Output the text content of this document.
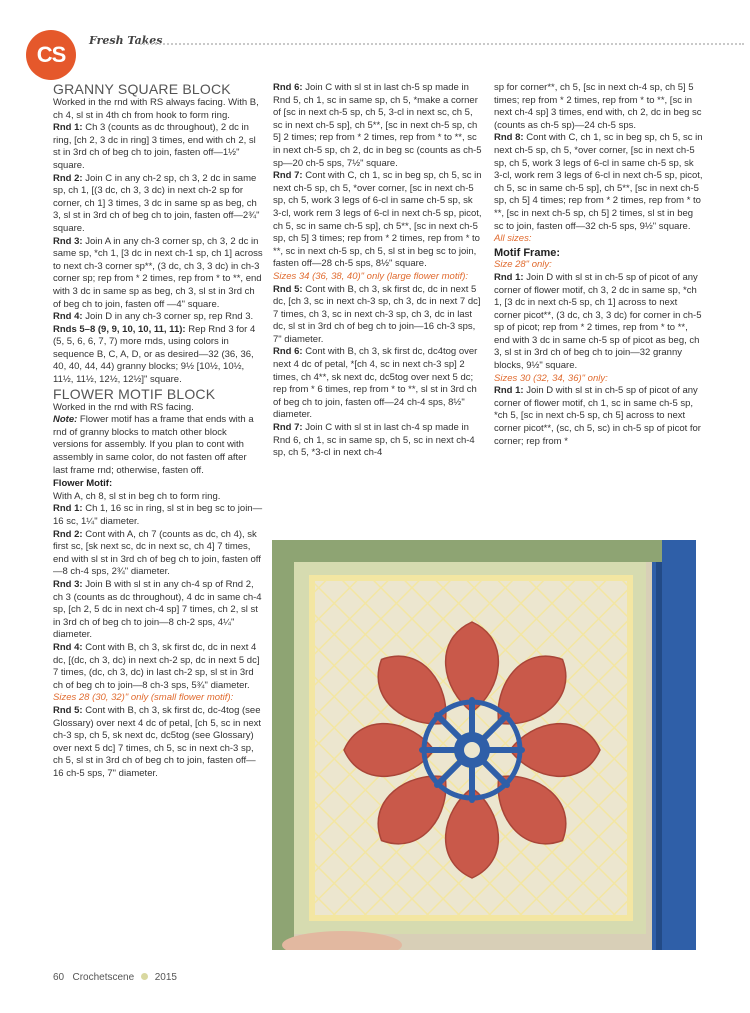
CS
Fresh Takes
GRANNY SQUARE BLOCK

Worked in the rnd with RS always facing. With B, ch 4, sl st in 4th ch from hook to form ring.

Rnd 1: Ch 3 (counts as dc throughout), 2 dc in ring, [ch 2, 3 dc in ring] 3 times, end with ch 2, sl st in 3rd ch of beg ch to join, fasten off—1½" square.

Rnd 2: Join C in any ch-2 sp, ch 3, 2 dc in same sp, ch 1, [(3 dc, ch 3, 3 dc) in next ch-2 sp for corner, ch 1] 3 times, 3 dc in same sp as beg, ch 3, sl st in 3rd ch of beg ch to join, fasten off—2¾" square.

Rnd 3: Join A in any ch-3 corner sp, ch 3, 2 dc in same sp, *ch 1, [3 dc in next ch-1 sp, ch 1] across to next ch-3 corner sp**, (3 dc, ch 3, 3 dc) in ch-3 corner sp; rep from * 2 times, rep from * to **, end with 3 dc in same sp as beg, ch 3, sl st in 3rd ch of beg ch to join, fasten off —4" square.

Rnd 4: Join D in any ch-3 corner sp, rep Rnd 3.

Rnds 5–8 (9, 9, 10, 10, 11, 11): Rep Rnd 3 for 4 (5, 5, 6, 6, 7, 7) more rnds, using colors in sequence B, C, A, D, or as desired—32 (36, 36, 40, 40, 44, 44) granny blocks; 9½ [10½, 10½, 11½, 11½, 12½, 12½]" square.

FLOWER MOTIF BLOCK

Worked in the rnd with RS facing.

Note: Flower motif has a frame that ends with a rnd of granny blocks to match other block versions for assembly. If you plan to cont with assembly in same color, do not fasten off after last frame rnd; otherwise, fasten off.

Flower Motif:

With A, ch 8, sl st in beg ch to form ring.

Rnd 1: Ch 1, 16 sc in ring, sl st in beg sc to join—16 sc, 1¼" diameter.

Rnd 2: Cont with A, ch 7 (counts as dc, ch 4), sk first sc, [sk next sc, dc in next sc, ch 4] 7 times, end with sl st in 3rd ch of beg ch to join, fasten off—8 ch-4 sps, 2¾" diameter.

Rnd 3: Join B with sl st in any ch-4 sp of Rnd 2, ch 3 (counts as dc throughout), 4 dc in same ch-4 sp, [ch 2, 5 dc in next ch-4 sp] 7 times, ch 2, sl st in 3rd ch of beg ch to join—8 ch-2 sps, 4¼" diameter.

Rnd 4: Cont with B, ch 3, sk first dc, dc in next 4 dc, [(dc, ch 3, dc) in next ch-2 sp, dc in next 5 dc] 7 times, (dc, ch 3, dc) in last ch-2 sp, sl st in 3rd ch of beg ch to join—8 ch-3 sps, 5¾" diameter.

Sizes 28 (30, 32)" only (small flower motif):

Rnd 5: Cont with B, ch 3, sk first dc, dc-4tog (see Glossary) over next 4 dc of petal, [ch 5, sc in next ch-3 sp, ch 5, sk next dc, dc5tog (see Glossary) over next 5 dc] 7 times, ch 5, sc in next ch-3 sp, ch 5, sl st in 3rd ch of beg ch to join, fasten off—16 ch-5 sps, 7" diameter.

Rnd 6: Join C with sl st in last ch-5 sp made in Rnd 5, ch 1, sc in same sp, ch 5, *make a corner of [sc in next ch-5 sp, ch 5, 3-cl in next sc, ch 5, sc in next ch-5 sp], ch 5**, [sc in next ch-5 sp, ch 5] 2 times; rep from * 2 times, rep from * to **, sc in next ch-5 sp, ch 2, dc in beg sc (counts as ch-5 sp—20 ch-5 sps, 7½" square.

Rnd 7: Cont with C, ch 1, sc in beg sp, ch 5, sc in next ch-5 sp, ch 5, *over corner, [sc in next ch-5 sp, ch 5, work 3 legs of 6-cl in same ch-5 sp, sk 3-cl, work rem 3 legs of 6-cl in next ch-5 sp, picot, ch 5, sc in same ch-5 sp], ch 5**, [sc in next ch-5 sp, ch 5] 3 times; rep from * 2 times, rep from * to **, sc in next ch-5 sp, ch 5, sl st in beg sc to join, fasten off—28 ch-5 sps, 8½" square.

Sizes 34 (36, 38, 40)" only (large flower motif):

Rnd 5: Cont with B, ch 3, sk first dc, dc in next 5 dc, [ch 3, sc in next ch-3 sp, ch 3, dc in next 7 dc] 7 times, ch 3, sc in next ch-3 sp, ch 3, dc in last dc, sl st in 3rd ch of beg ch to join—16 ch-3 sps, 7" diameter.

Rnd 6: Cont with B, ch 3, sk first dc, dc4tog over next 4 dc of petal, *[ch 4, sc in next ch-3 sp] 2 times, ch 4**, sk next dc, dc5tog over next 5 dc; rep from * 6 times, rep from * to **, sl st in 3rd ch of beg ch to join, fasten off—24 ch-4 sps, 8½" diameter.

Rnd 7: Join C with sl st in last ch-4 sp made in Rnd 6, ch 1, sc in same sp, ch 5, sc in next ch-4 sp, ch 5, *3-cl in next ch-4

sp for corner**, ch 5, [sc in next ch-4 sp, ch 5] 5 times; rep from * 2 times, rep from * to **, [sc in next ch-4 sp] 3 times, end with, ch 2, dc in beg sc (counts as ch-5 sp)—24 ch-5 sps.

Rnd 8: Cont with C, ch 1, sc in beg sp, ch 5, sc in next ch-5 sp, ch 5, *over corner, [sc in next ch-5 sp, ch 5, work 3 legs of 6-cl in same ch-5 sp, sk 3-cl, work rem 3 legs of 6-cl in next ch-5 sp, picot, ch 5, sc in same ch-5 sp], ch 5**, [sc in next ch-5 sp, ch 5] 4 times; rep from * 2 times, rep from * to **, [sc in next ch-5 sp, ch 5] 2 times, sl st in beg sc to join, fasten off—32 ch-5 sps, 9½" square.

All sizes:

Motif Frame:

Size 28" only:

Rnd 1: Join D with sl st in ch-5 sp of picot of any corner of flower motif, ch 3, 2 dc in same sp, *ch 1, [3 dc in next ch-5 sp, ch 1] across to next corner picot**, (3 dc, ch 3, 3 dc) for corner in ch-5 sp of picot; rep from * 2 times, rep from * to **, end with 3 dc in same ch-5 sp of picot as beg, ch 3, sl st in 3rd ch of beg ch to join—32 granny blocks, 9½" square.

Sizes 30 (32, 34, 36)" only:

Rnd 1: Join D with sl st in ch-5 sp of picot of any corner of flower motif, ch 1, sc in same ch-5 sp, *ch 5, [sc in next ch-5 sp, ch 5] across to next corner picot**, (sc, ch 5, sc) in ch-5 sp of picot for corner; rep from *

60 Crochetscene 2015
